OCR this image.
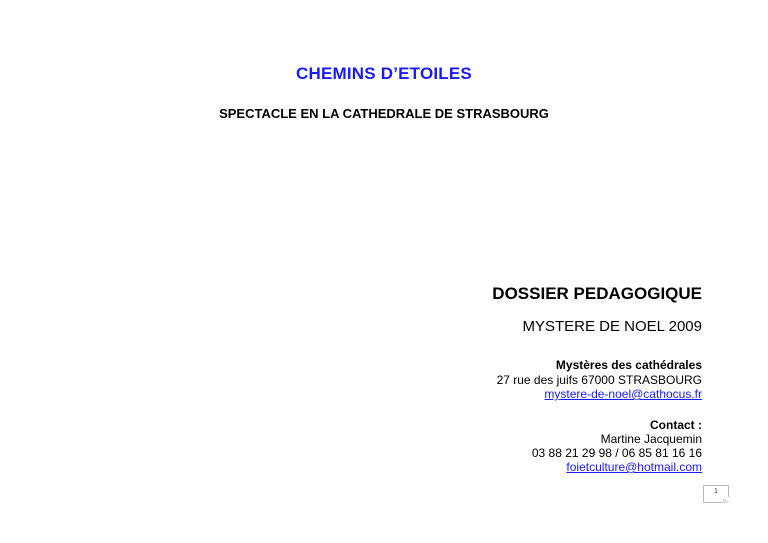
CHEMINS D’ETOILES
SPECTACLE EN LA CATHEDRALE DE STRASBOURG
DOSSIER PEDAGOGIQUE
MYSTERE DE NOEL 2009
Mystères des cathédrales
27 rue des juifs 67000 STRASBOURG
mystere-de-noel@cathocus.fr
Contact :
Martine Jacquemin
03 88 21 29 98 / 06 85 81 16 16
foietculture@hotmail.com
1
